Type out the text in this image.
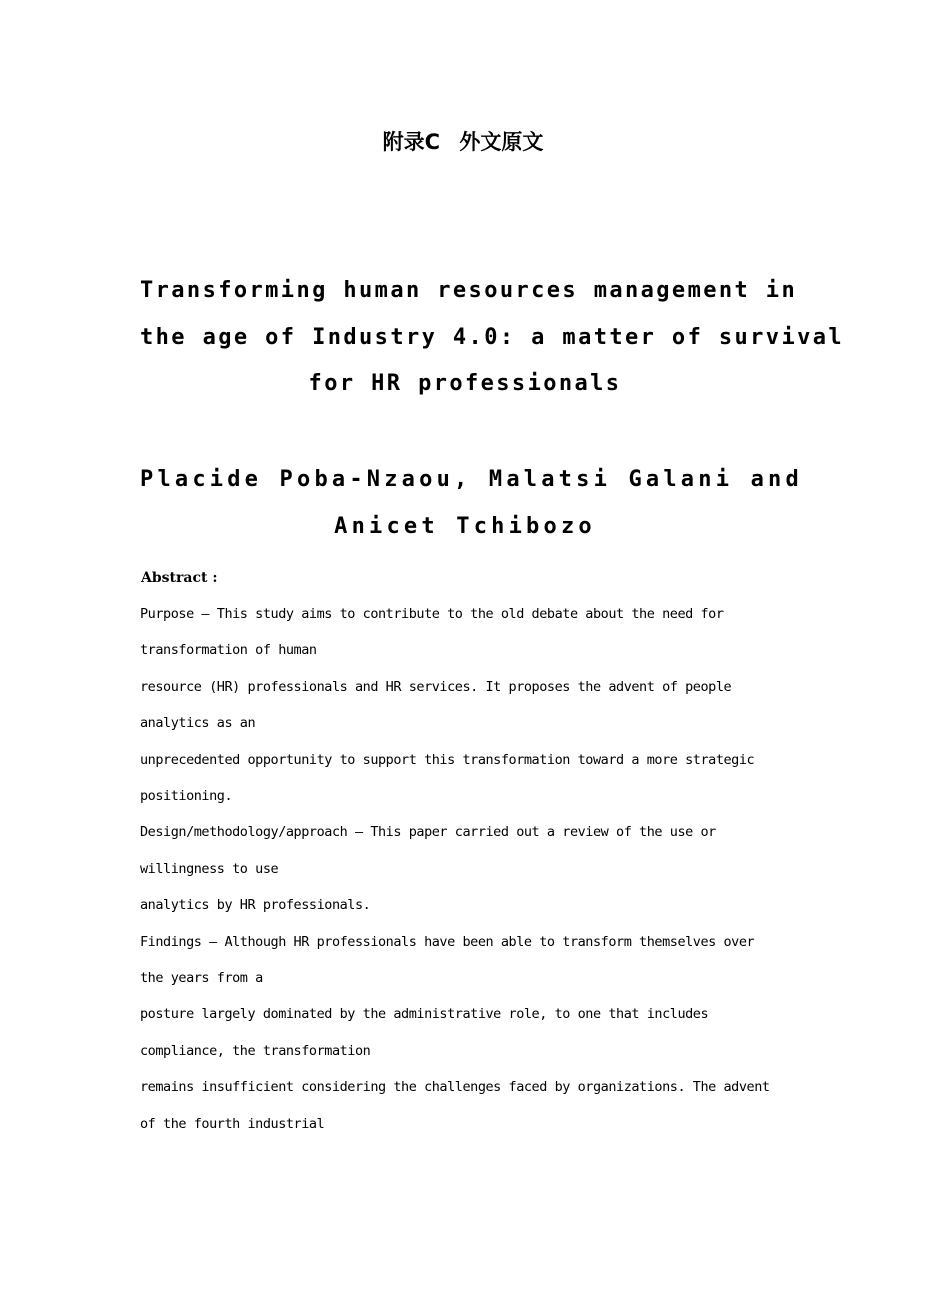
附录C 外文原文
Transforming human resources management in
the age of Industry 4.0: a matter of survival
for HR professionals
Placide Poba-Nzaou, Malatsi Galani and
Anicet Tchibozo
Abstract :
Purpose – This study aims to contribute to the old debate about the need for
transformation of human
resource (HR) professionals and HR services. It proposes the advent of people
analytics as an
unprecedented opportunity to support this transformation toward a more strategic
positioning.
Design/methodology/approach – This paper carried out a review of the use or
willingness to use
analytics by HR professionals.
Findings – Although HR professionals have been able to transform themselves over
the years from a
posture largely dominated by the administrative role, to one that includes
compliance, the transformation
remains insufficient considering the challenges faced by organizations. The advent
of the fourth industrial
